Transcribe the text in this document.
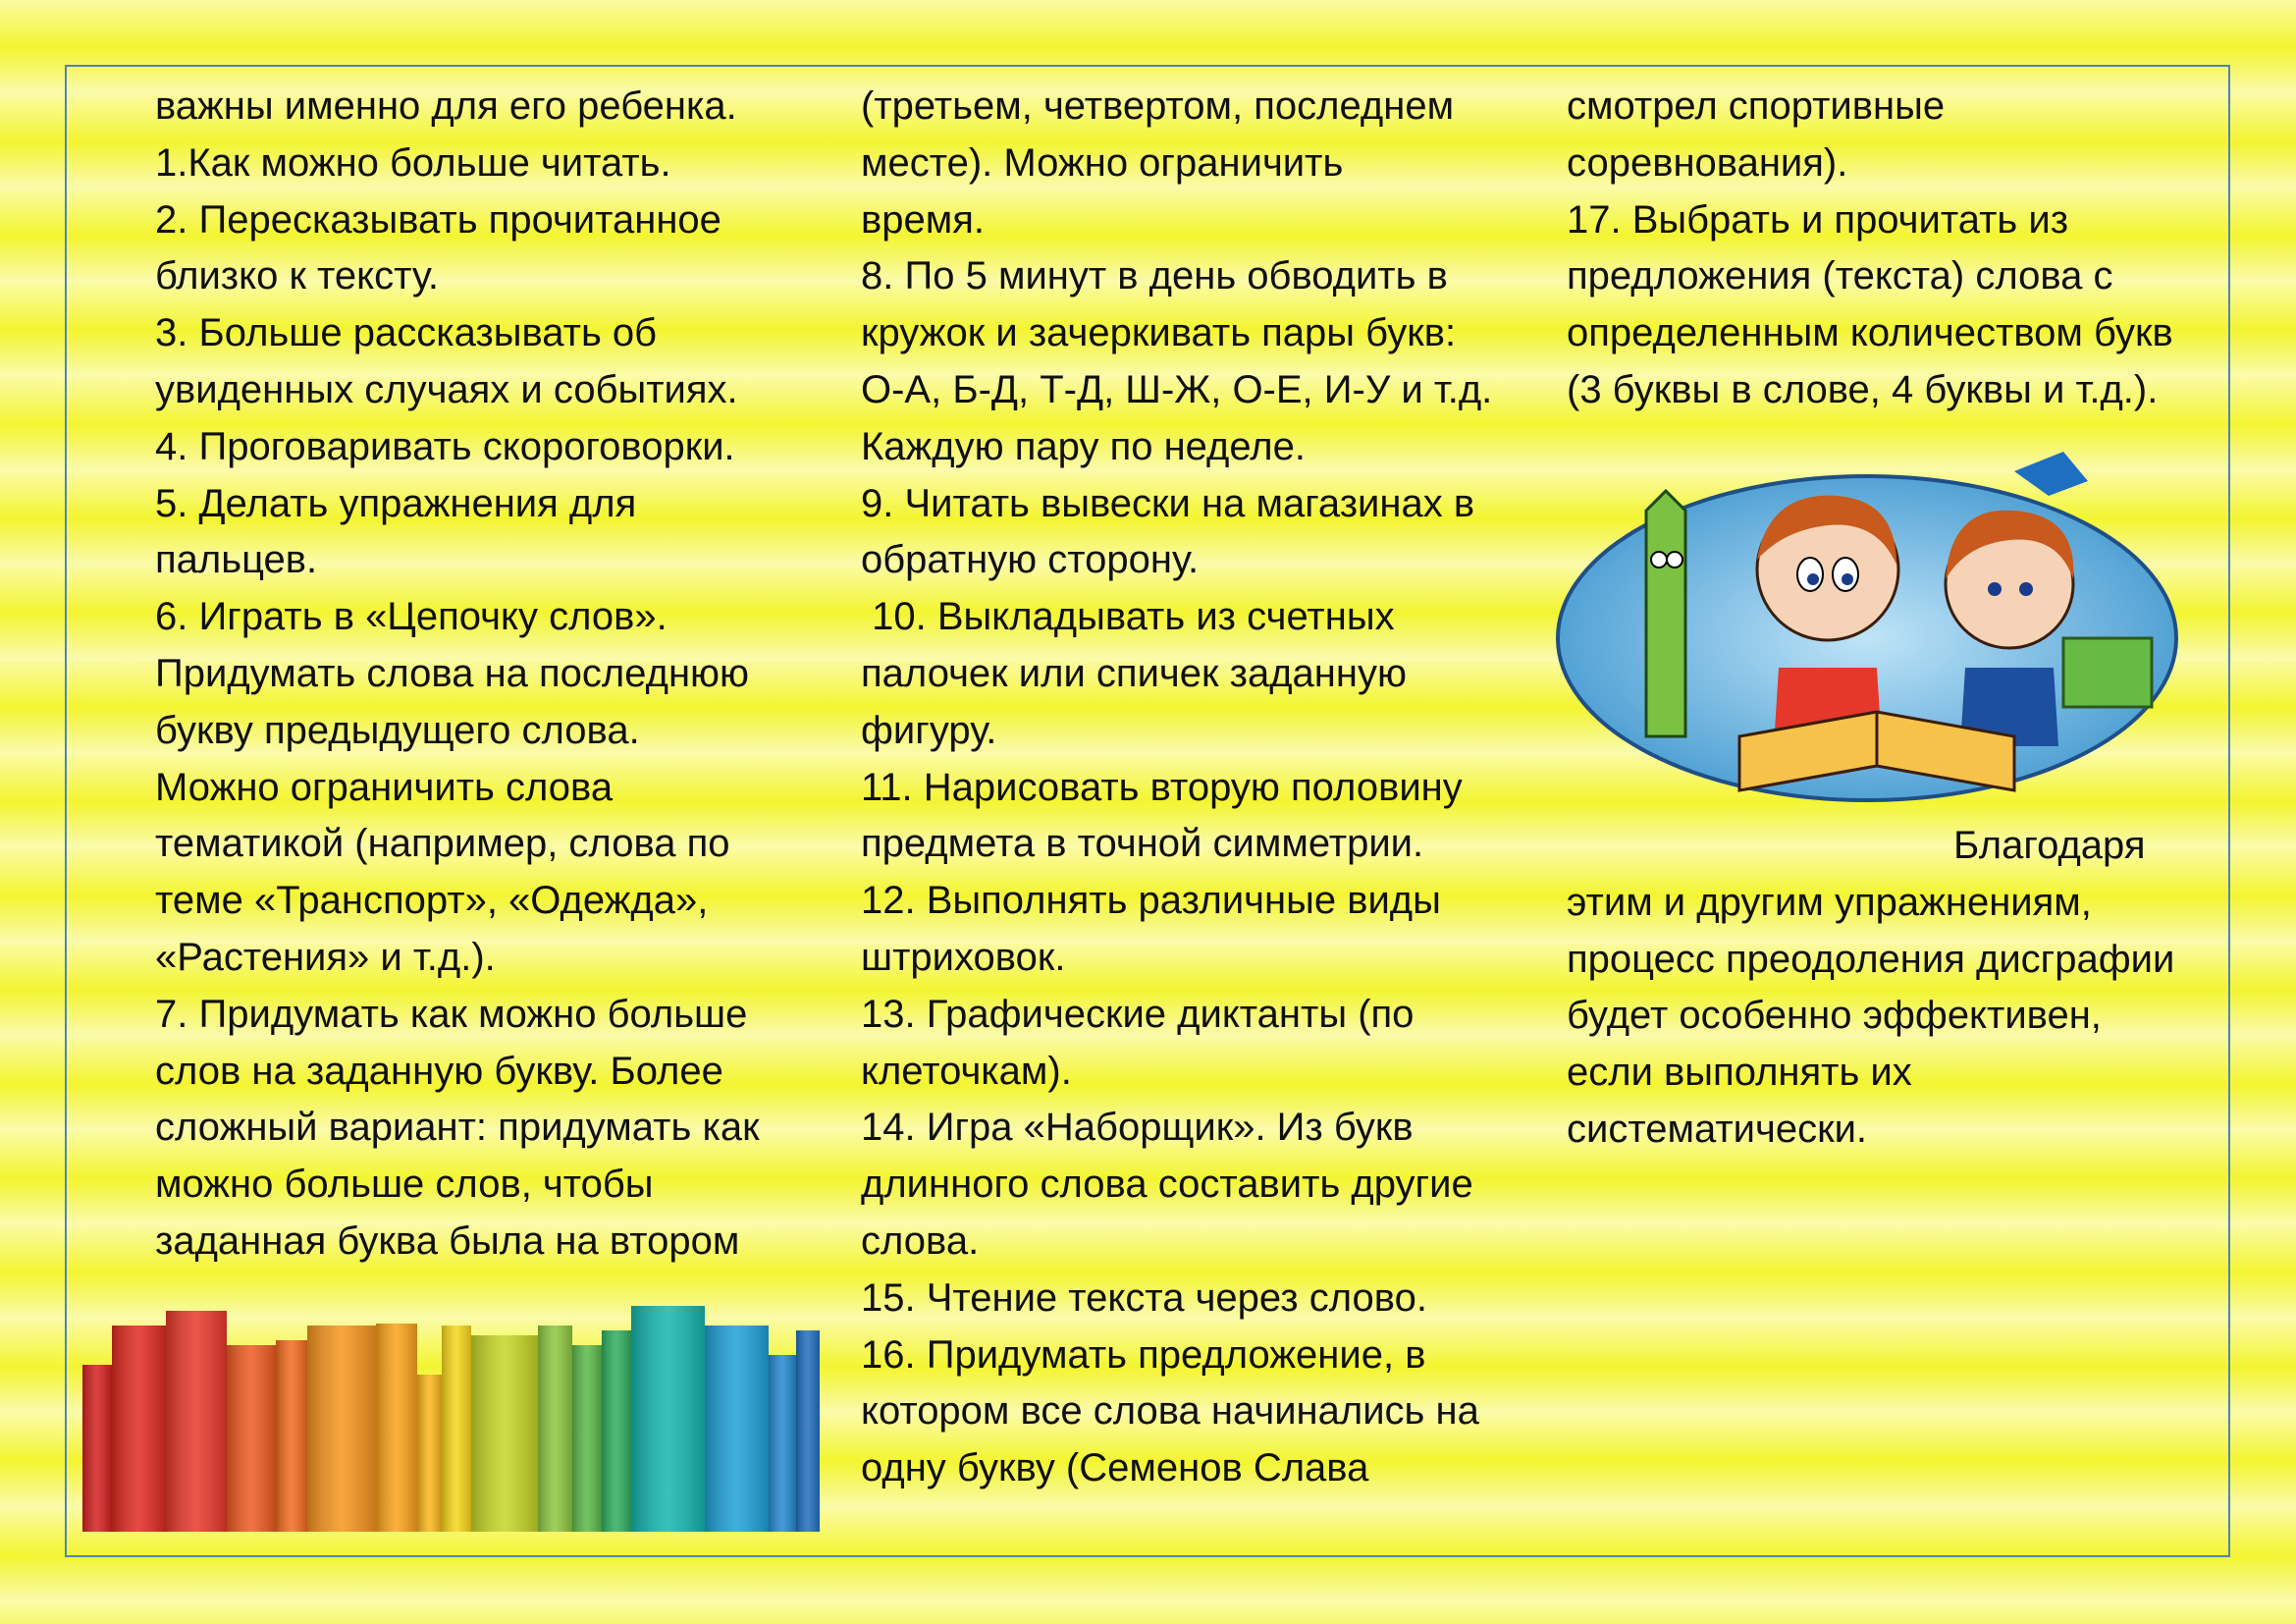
важны именно для его ребенка.
1.Как можно больше читать.
2. Пересказывать прочитанное
близко к тексту.
3. Больше рассказывать об
увиденных случаях и событиях.
4. Проговаривать скороговорки.
5. Делать упражнения для
пальцев.
6. Играть в «Цепочку слов».
Придумать слова на последнюю
букву предыдущего слова.
Можно ограничить слова
тематикой (например, слова по
теме «Транспорт», «Одежда»,
«Растения» и т.д.).
7. Придумать как можно больше
слов на заданную букву. Более
сложный вариант: придумать как
можно больше слов, чтобы
заданная буква была на втором
(третьем, четвертом, последнем
месте). Можно ограничить
время.
8. По 5 минут в день обводить в
кружок и зачеркивать пары букв:
О-А, Б-Д, Т-Д, Ш-Ж, О-Е, И-У и т.д.
Каждую пару по неделе.
9. Читать вывески на магазинах в
обратную сторону.
10. Выкладывать из счетных
палочек или спичек заданную
фигуру.
11. Нарисовать вторую половину
предмета в точной симметрии.
12. Выполнять различные виды
штриховок.
13. Графические диктанты (по
клеточкам).
14. Игра «Наборщик». Из букв
длинного слова составить другие
слова.
15. Чтение текста через слово.
16. Придумать предложение, в
котором все слова начинались на
одну букву (Семенов Слава
смотрел спортивные
соревнования).
17. Выбрать и прочитать из
предложения (текста) слова с
определенным количеством букв
(3 буквы в слове, 4 буквы и т.д.).
Благодаря
этим и другим упражнениям,
процесс преодоления дисграфии
будет особенно эффективен,
если выполнять их
систематически.
